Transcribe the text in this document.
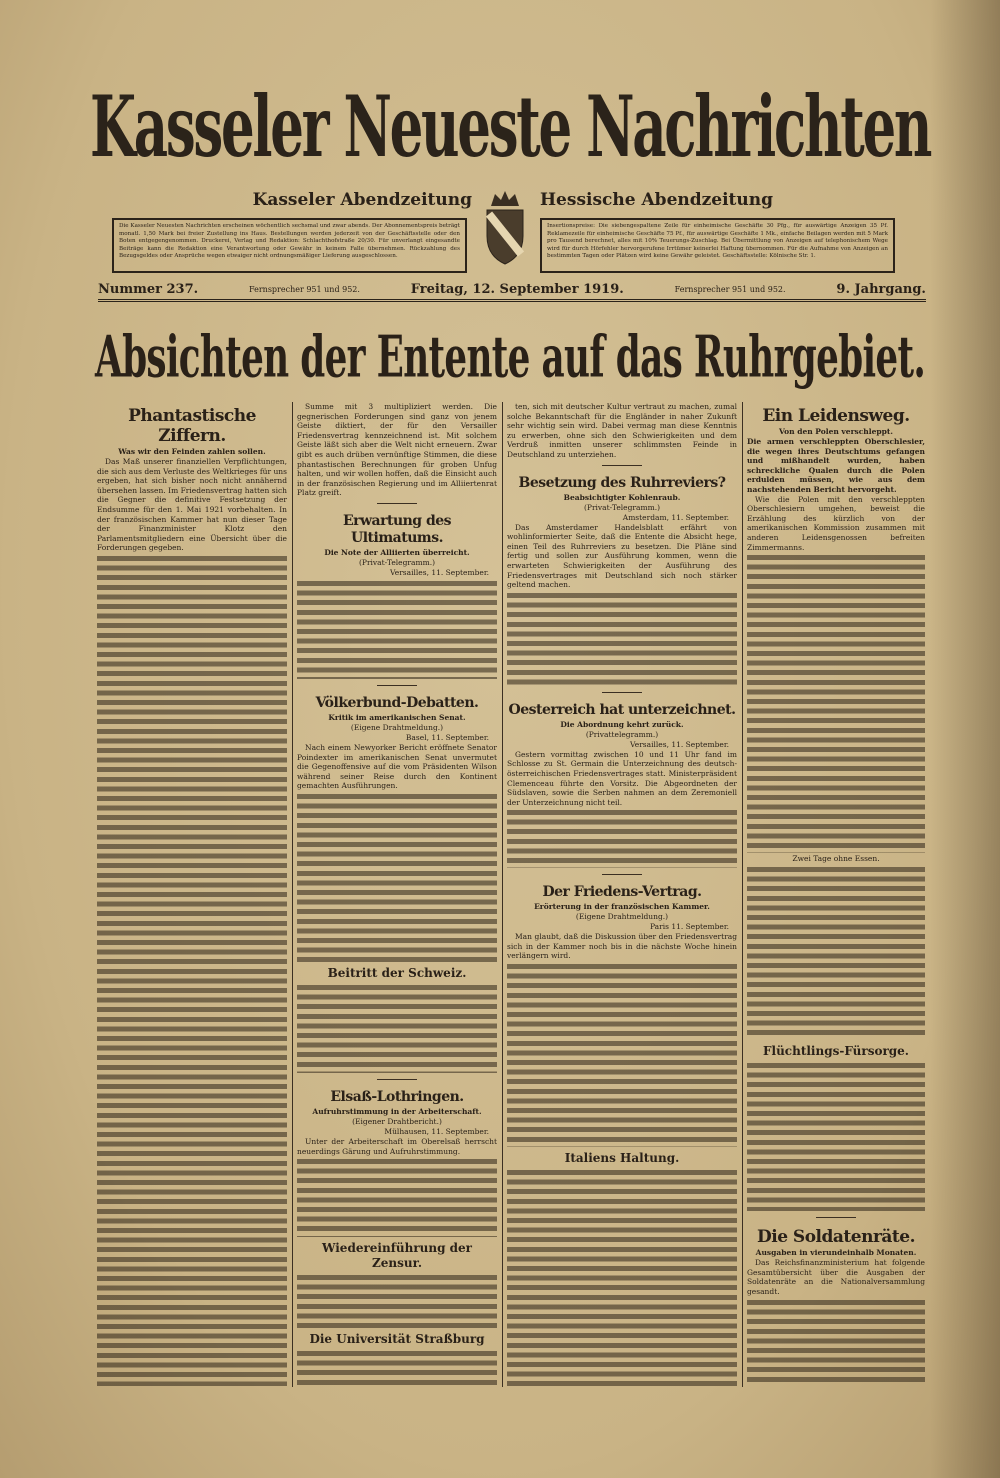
Kasseler Neueste Nachrichten
Kasseler Abendzeitung	Hessische Abendzeitung
Die Kasseler Neuesten Nachrichten erscheinen wöchentlich sechsmal und zwar abends. Der Abonnementspreis beträgt monatl. 1,50 Mark bei freier Zustellung ins Haus. Bestellungen werden jederzeit von der Geschäftsstelle oder den Boten entgegengenommen. Druckerei, Verlag und Redaktion: Schlachthofstraße 20/30. Für unverlangt eingesandte Beiträge kann die Redaktion eine Verantwortung oder Gewähr in keinem Falle übernehmen. Rückzahlung des Bezugsgeldes oder Ansprüche wegen etwaiger nicht ordnungsmäßiger Lieferung ausgeschlossen.
Insertionspreise: Die siebengespaltene Zeile für einheimische Geschäfte 30 Pfg., für auswärtige Anzeigen 35 Pf. Reklamezeile für einheimische Geschäfte 75 Pf., für auswärtige Geschäfte 1 Mk., einfache Beilagen werden mit 5 Mark pro Tausend berechnet, alles mit 10% Teuerungs-Zuschlag. Bei Übermittlung von Anzeigen auf telephonischem Wege wird für durch Hörfehler hervorgerufene Irrtümer keinerlei Haftung übernommen. Für die Aufnahme von Anzeigen an bestimmten Tagen oder Plätzen wird keine Gewähr geleistet. Geschäftsstelle: Kölnische Str. 1.
Nummer 237.	Fernsprecher 951 und 952.	Freitag, 12. September 1919.	Fernsprecher 951 und 952.	9. Jahrgang.
Absichten der Entente auf das Ruhrgebiet.
Phantastische Ziffern.
Was wir den Feinden zahlen sollen.

Das Maß unserer finanziellen Verpflichtungen, die sich aus dem Verluste des Weltkrieges für uns ergeben, hat sich bisher noch nicht annähernd übersehen lassen. Im Friedensvertrag hatten sich die Gegner die definitive Festsetzung der Endsumme für den 1. Mai 1921 vorbehalten. In der französischen Kammer hat nun dieser Tage der Finanzminister Klotz den Parlamentsmitgliedern eine Übersicht über die Forderungen gegeben.

Summe mit 3 multipliziert werden. Die gegnerischen Forderungen sind ganz von jenem Geiste diktiert, der für den Versailler Friedensvertrag kennzeichnend ist. Mit solchem Geiste läßt sich aber die Welt nicht erneuern. Zwar gibt es auch drüben vernünftige Stimmen, die diese phantastischen Berechnungen für groben Unfug halten, und wir wollen hoffen, daß die Einsicht auch in der französischen Regierung und im Alliiertenrat Platz greift.

Erwartung des Ultimatums.
Die Note der Alliierten überreicht.
(Privat-Telegramm.)
Versailles, 11. September.
Völkerbund-Debatten.
Kritik im amerikanischen Senat.
(Eigene Drahtmeldung.)
Basel, 11. September.

Nach einem Newyorker Bericht eröffnete Senator Poindexter im amerikanischen Senat unvermutet die Gegenoffensive auf die vom Präsidenten Wilson während seiner Reise durch den Kontinent gemachten Ausführungen.

Beitritt der Schweiz.
Elsaß-Lothringen.
Aufruhrstimmung in der Arbeiterschaft.
(Eigener Drahtbericht.)
Mülhausen, 11. September.

Unter der Arbeiterschaft im Oberelsaß herrscht neuerdings Gärung und Aufruhrstimmung.

Wiedereinführung der Zensur.
Die Universität Straßburg

ten, sich mit deutscher Kultur vertraut zu machen, zumal solche Bekanntschaft für die Engländer in naher Zukunft sehr wichtig sein wird. Dabei vermag man diese Kenntnis zu erwerben, ohne sich den Schwierigkeiten und dem Verdruß inmitten unserer schlimmsten Feinde in Deutschland zu unterziehen.

Besetzung des Ruhrreviers?
Beabsichtigter Kohlenraub.
(Privat-Telegramm.)
Amsterdam, 11. September.

Das Amsterdamer Handelsblatt erfährt von wohlinformierter Seite, daß die Entente die Absicht hege, einen Teil des Ruhrreviers zu besetzen. Die Pläne sind fertig und sollen zur Ausführung kommen, wenn die erwarteten Schwierigkeiten der Ausführung des Friedensvertrages mit Deutschland sich noch stärker geltend machen.

Oesterreich hat unterzeichnet.
Die Abordnung kehrt zurück.
(Privattelegramm.)
Versailles, 11. September.

Gestern vormittag zwischen 10 und 11 Uhr fand im Schlosse zu St. Germain die Unterzeichnung des deutsch-österreichischen Friedensvertrages statt. Ministerpräsident Clemenceau führte den Vorsitz. Die Abgeordneten der Südslaven, sowie die Serben nahmen an dem Zeremoniell der Unterzeichnung nicht teil.

Der Friedens-Vertrag.
Erörterung in der französischen Kammer.
(Eigene Drahtmeldung.)
Paris 11. September.

Man glaubt, daß die Diskussion über den Friedensvertrag sich in der Kammer noch bis in die nächste Woche hinein verlängern wird.

Italiens Haltung.
Ein Leidensweg.
Von den Polen verschleppt.

Die armen verschleppten Oberschlesier, die wegen ihres Deutschtums gefangen und mißhandelt wurden, haben schreckliche Qualen durch die Polen erdulden müssen, wie aus dem nachstehenden Bericht hervorgeht.

Wie die Polen mit den verschleppten Oberschlesiern umgehen, beweist die Erzählung des kürzlich von der amerikanischen Kommission zusammen mit anderen Leidensgenossen befreiten Zimmermanns.

Zwei Tage ohne Essen.
Flüchtlings-Fürsorge.
Die Soldatenräte.
Ausgaben in vierundeinhalb Monaten.

Das Reichsfinanzministerium hat folgende Gesamtübersicht über die Ausgaben der Soldatenräte an die Nationalversammlung gesandt.
